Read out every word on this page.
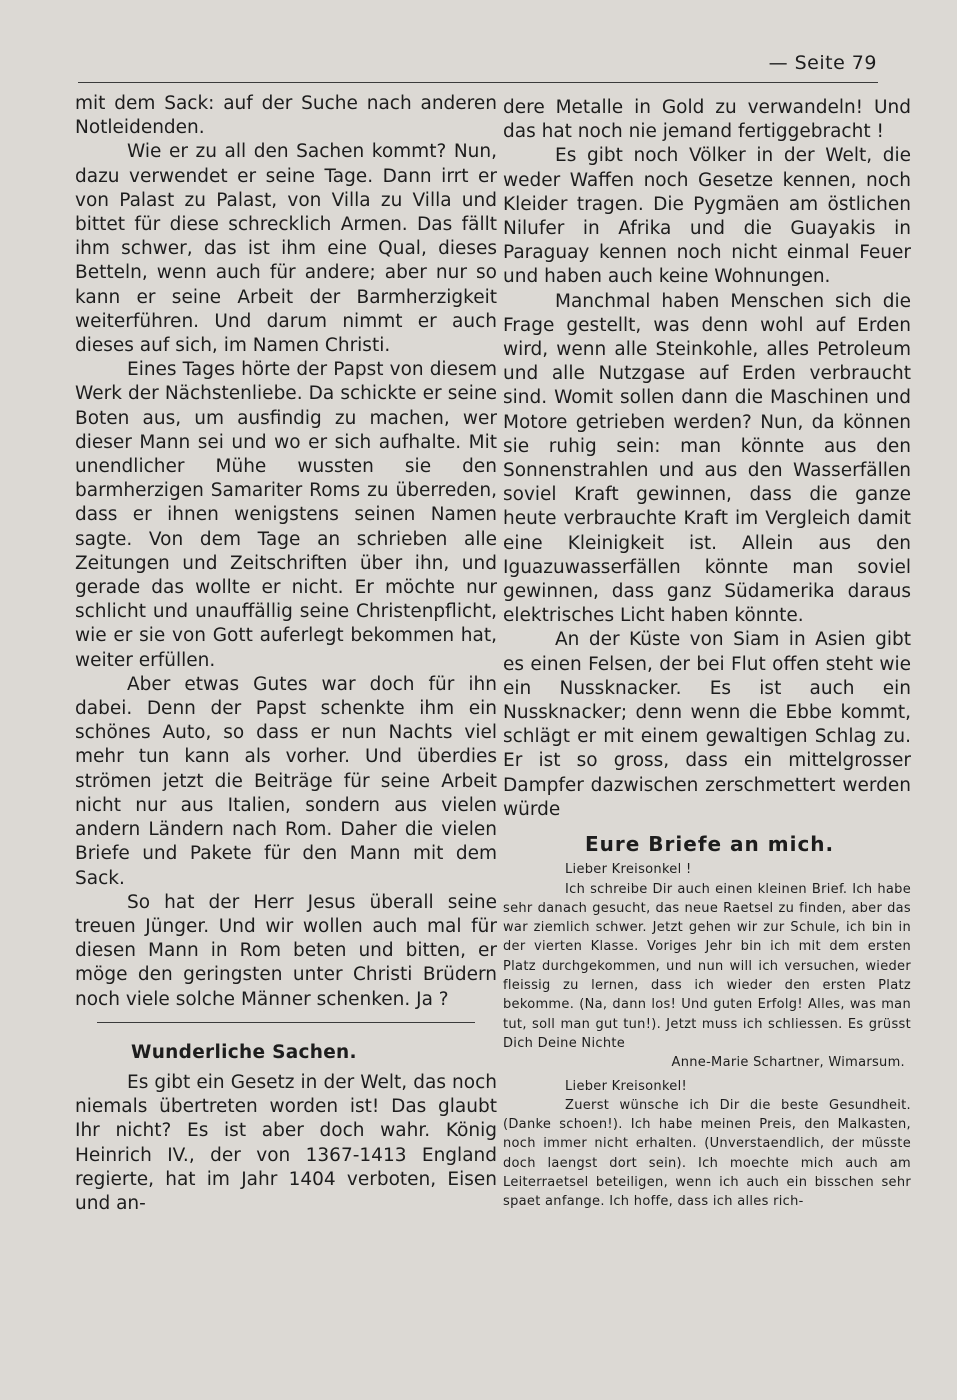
— Seite 79

mit dem Sack: auf der Suche nach anderen Notleidenden.

Wie er zu all den Sachen kommt? Nun, dazu verwendet er seine Tage. Dann irrt er von Palast zu Palast, von Villa zu Villa und bittet für diese schrecklich Armen. Das fällt ihm schwer, das ist ihm eine Qual, dieses Betteln, wenn auch für andere; aber nur so kann er seine Arbeit der Barmherzigkeit weiterführen. Und darum nimmt er auch dieses auf sich, im Namen Christi.

Eines Tages hörte der Papst von diesem Werk der Nächstenliebe. Da schickte er seine Boten aus, um ausfindig zu machen, wer dieser Mann sei und wo er sich aufhalte. Mit unendlicher Mühe wussten sie den barmherzigen Samariter Roms zu überreden, dass er ihnen wenigstens seinen Namen sagte. Von dem Tage an schrieben alle Zeitungen und Zeitschriften über ihn, und gerade das wollte er nicht. Er möchte nur schlicht und unauffällig seine Christenpflicht, wie er sie von Gott auferlegt bekommen hat, weiter erfüllen.

Aber etwas Gutes war doch für ihn dabei. Denn der Papst schenkte ihm ein schönes Auto, so dass er nun Nachts viel mehr tun kann als vorher. Und überdies strömen jetzt die Beiträge für seine Arbeit nicht nur aus Italien, sondern aus vielen andern Ländern nach Rom. Daher die vielen Briefe und Pakete für den Mann mit dem Sack.

So hat der Herr Jesus überall seine treuen Jünger. Und wir wollen auch mal für diesen Mann in Rom beten und bitten, er möge den geringsten unter Christi Brüdern noch viele solche Männer schenken. Ja ?

Wunderliche Sachen.

Es gibt ein Gesetz in der Welt, das noch niemals übertreten worden ist! Das glaubt Ihr nicht? Es ist aber doch wahr. König Heinrich IV., der von 1367-1413 England regierte, hat im Jahr 1404 verboten, Eisen und an-

dere Metalle in Gold zu verwandeln! Und das hat noch nie jemand fertiggebracht !

Es gibt noch Völker in der Welt, die weder Waffen noch Gesetze kennen, noch Kleider tragen. Die Pygmäen am östlichen Nilufer in Afrika und die Guayakis in Paraguay kennen noch nicht einmal Feuer und haben auch keine Wohnungen.

Manchmal haben Menschen sich die Frage gestellt, was denn wohl auf Erden wird, wenn alle Steinkohle, alles Petroleum und alle Nutzgase auf Erden verbraucht sind. Womit sollen dann die Maschinen und Motore getrieben werden? Nun, da können sie ruhig sein: man könnte aus den Sonnenstrahlen und aus den Wasserfällen soviel Kraft gewinnen, dass die ganze heute verbrauchte Kraft im Vergleich damit eine Kleinigkeit ist. Allein aus den Iguazuwasserfällen könnte man soviel gewinnen, dass ganz Südamerika daraus elektrisches Licht haben könnte.

An der Küste von Siam in Asien gibt es einen Felsen, der bei Flut offen steht wie ein Nussknacker. Es ist auch ein Nussknacker; denn wenn die Ebbe kommt, schlägt er mit einem gewaltigen Schlag zu. Er ist so gross, dass ein mittelgrosser Dampfer dazwischen zerschmettert werden würde

Eure Briefe an mich.

Lieber Kreisonkel !

Ich schreibe Dir auch einen kleinen Brief. Ich habe sehr danach gesucht, das neue Raetsel zu finden, aber das war ziemlich schwer. Jetzt gehen wir zur Schule, ich bin in der vierten Klasse. Voriges Jehr bin ich mit dem ersten Platz durchgekommen, und nun will ich versuchen, wieder fleissig zu lernen, dass ich wieder den ersten Platz bekomme. (Na, dann los! Und guten Erfolg! Alles, was man tut, soll man gut tun!). Jetzt muss ich schliessen. Es grüsst Dich Deine Nichte

Anne-Marie Schartner, Wimarsum.

Lieber Kreisonkel!

Zuerst wünsche ich Dir die beste Gesundheit. (Danke schoen!). Ich habe meinen Preis, den Malkasten, noch immer nicht erhalten. (Unverstaendlich, der müsste doch laengst dort sein). Ich moechte mich auch am Leiterraetsel beteiligen, wenn ich auch ein bisschen sehr spaet anfange. Ich hoffe, dass ich alles rich-
